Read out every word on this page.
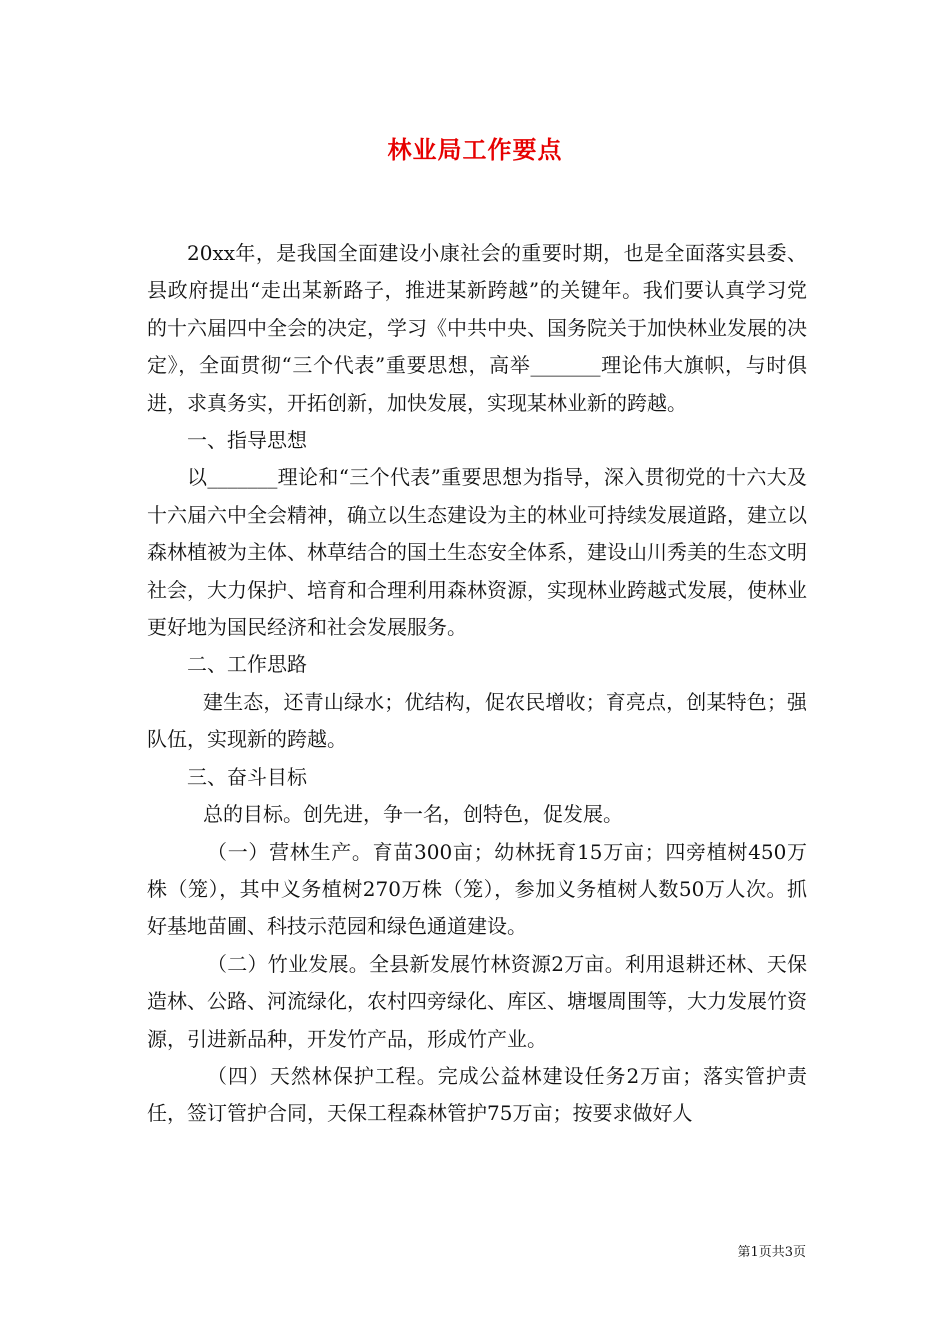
林业局工作要点

20xx年，是我国全面建设小康社会的重要时期，也是全面落实县委、县政府提出“走出某新路子，推进某新跨越”的关键年。我们要认真学习党的十六届四中全会的决定，学习《中共中央、国务院关于加快林业发展的决定》，全面贯彻“三个代表”重要思想，高举_______理论伟大旗帜，与时俱进，求真务实，开拓创新，加快发展，实现某林业新的跨越。

一、指导思想

以_______理论和“三个代表”重要思想为指导，深入贯彻党的十六大及十六届六中全会精神，确立以生态建设为主的林业可持续发展道路，建立以森林植被为主体、林草结合的国土生态安全体系，建设山川秀美的生态文明社会，大力保护、培育和合理利用森林资源，实现林业跨越式发展，使林业更好地为国民经济和社会发展服务。

二、工作思路

建生态，还青山绿水；优结构，促农民增收；育亮点，创某特色；强队伍，实现新的跨越。

三、奋斗目标

总的目标。创先进，争一名，创特色，促发展。

（一）营林生产。育苗300亩；幼林抚育15万亩；四旁植树450万株（笼），其中义务植树270万株（笼），参加义务植树人数50万人次。抓好基地苗圃、科技示范园和绿色通道建设。

（二）竹业发展。全县新发展竹林资源2万亩。利用退耕还林、天保造林、公路、河流绿化，农村四旁绿化、库区、塘堰周围等，大力发展竹资源，引进新品种，开发竹产品，形成竹产业。

（四）天然林保护工程。完成公益林建设任务2万亩；落实管护责任，签订管护合同，天保工程森林管护75万亩；按要求做好人

第1页共3页
